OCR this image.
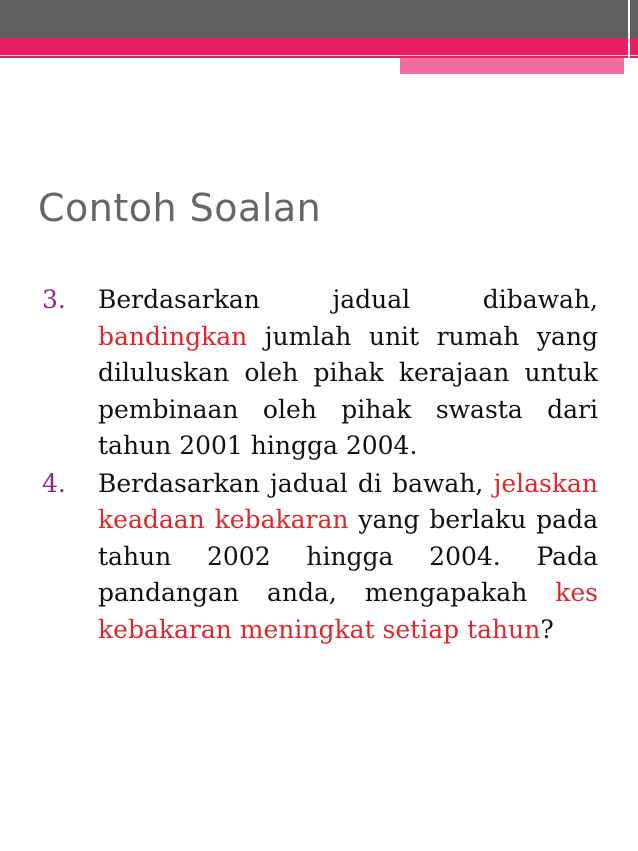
Contoh Soalan
3.	Berdasarkan jadual dibawah, bandingkan jumlah unit rumah yang diluluskan oleh pihak kerajaan untuk pembinaan oleh pihak swasta dari tahun 2001 hingga 2004.
4.	Berdasarkan jadual di bawah, jelaskan keadaan kebakaran yang berlaku pada tahun 2002 hingga 2004. Pada pandangan anda, mengapakah kes kebakaran meningkat setiap tahun?
